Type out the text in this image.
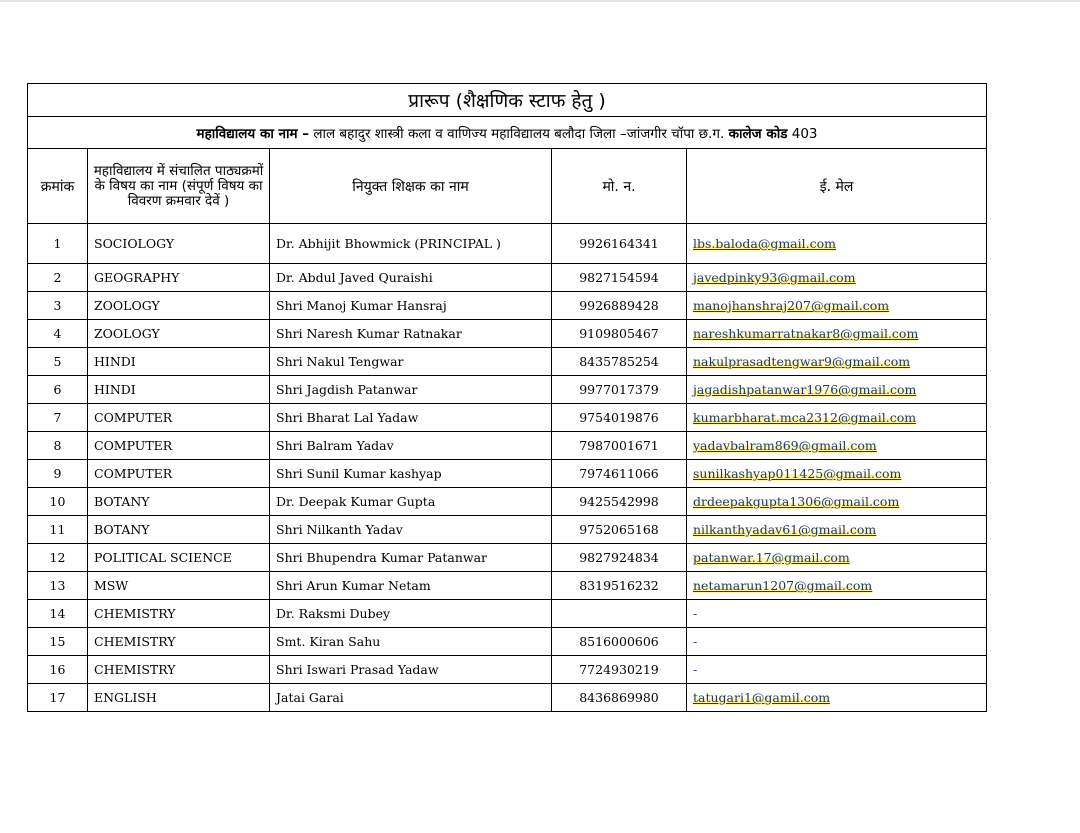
प्रारूप (शैक्षणिक स्टाफ हेतु )				
महाविद्यालय का नाम – लाल बहादुर शास्त्री कला व वाणिज्य महाविद्यालय बलौदा जिला –जांजगीर चॉपा छ.ग. कालेज कोड 403				
क्रमांक	महाविद्यालय में संचालित पाठ्यक्रमों के विषय का नाम (संपूर्ण विषय का विवरण क्रमवार देवें )	नियुक्त शिक्षक का नाम	मो. न.	ई. मेल
1	SOCIOLOGY	Dr. Abhijit Bhowmick (PRINCIPAL )	9926164341	lbs.baloda@gmail.com
2	GEOGRAPHY	Dr. Abdul Javed Quraishi	9827154594	javedpinky93@gmail.com
3	ZOOLOGY	Shri Manoj Kumar Hansraj	9926889428	manojhanshraj207@gmail.com
4	ZOOLOGY	Shri Naresh Kumar Ratnakar	9109805467	nareshkumarratnakar8@gmail.com
5	HINDI	Shri Nakul Tengwar	8435785254	nakulprasadtengwar9@gmail.com
6	HINDI	Shri Jagdish Patanwar	9977017379	jagadishpatanwar1976@gmail.com
7	COMPUTER	Shri Bharat Lal Yadaw	9754019876	kumarbharat.mca2312@gmail.com
8	COMPUTER	Shri Balram Yadav	7987001671	yadavbalram869@gmail.com
9	COMPUTER	Shri Sunil Kumar kashyap	7974611066	sunilkashyap011425@gmail.com
10	BOTANY	Dr. Deepak Kumar Gupta	9425542998	drdeepakgupta1306@gmail.com
11	BOTANY	Shri Nilkanth Yadav	9752065168	nilkanthyadav61@gmail.com
12	POLITICAL SCIENCE	Shri Bhupendra Kumar Patanwar	9827924834	patanwar.17@gmail.com
13	MSW	Shri Arun Kumar Netam	8319516232	netamarun1207@gmail.com
14	CHEMISTRY	Dr. Raksmi Dubey		-
15	CHEMISTRY	Smt. Kiran Sahu	8516000606	-
16	CHEMISTRY	Shri Iswari Prasad Yadaw	7724930219	-
17	ENGLISH	Jatai Garai	8436869980	tatugari1@gamil.com
